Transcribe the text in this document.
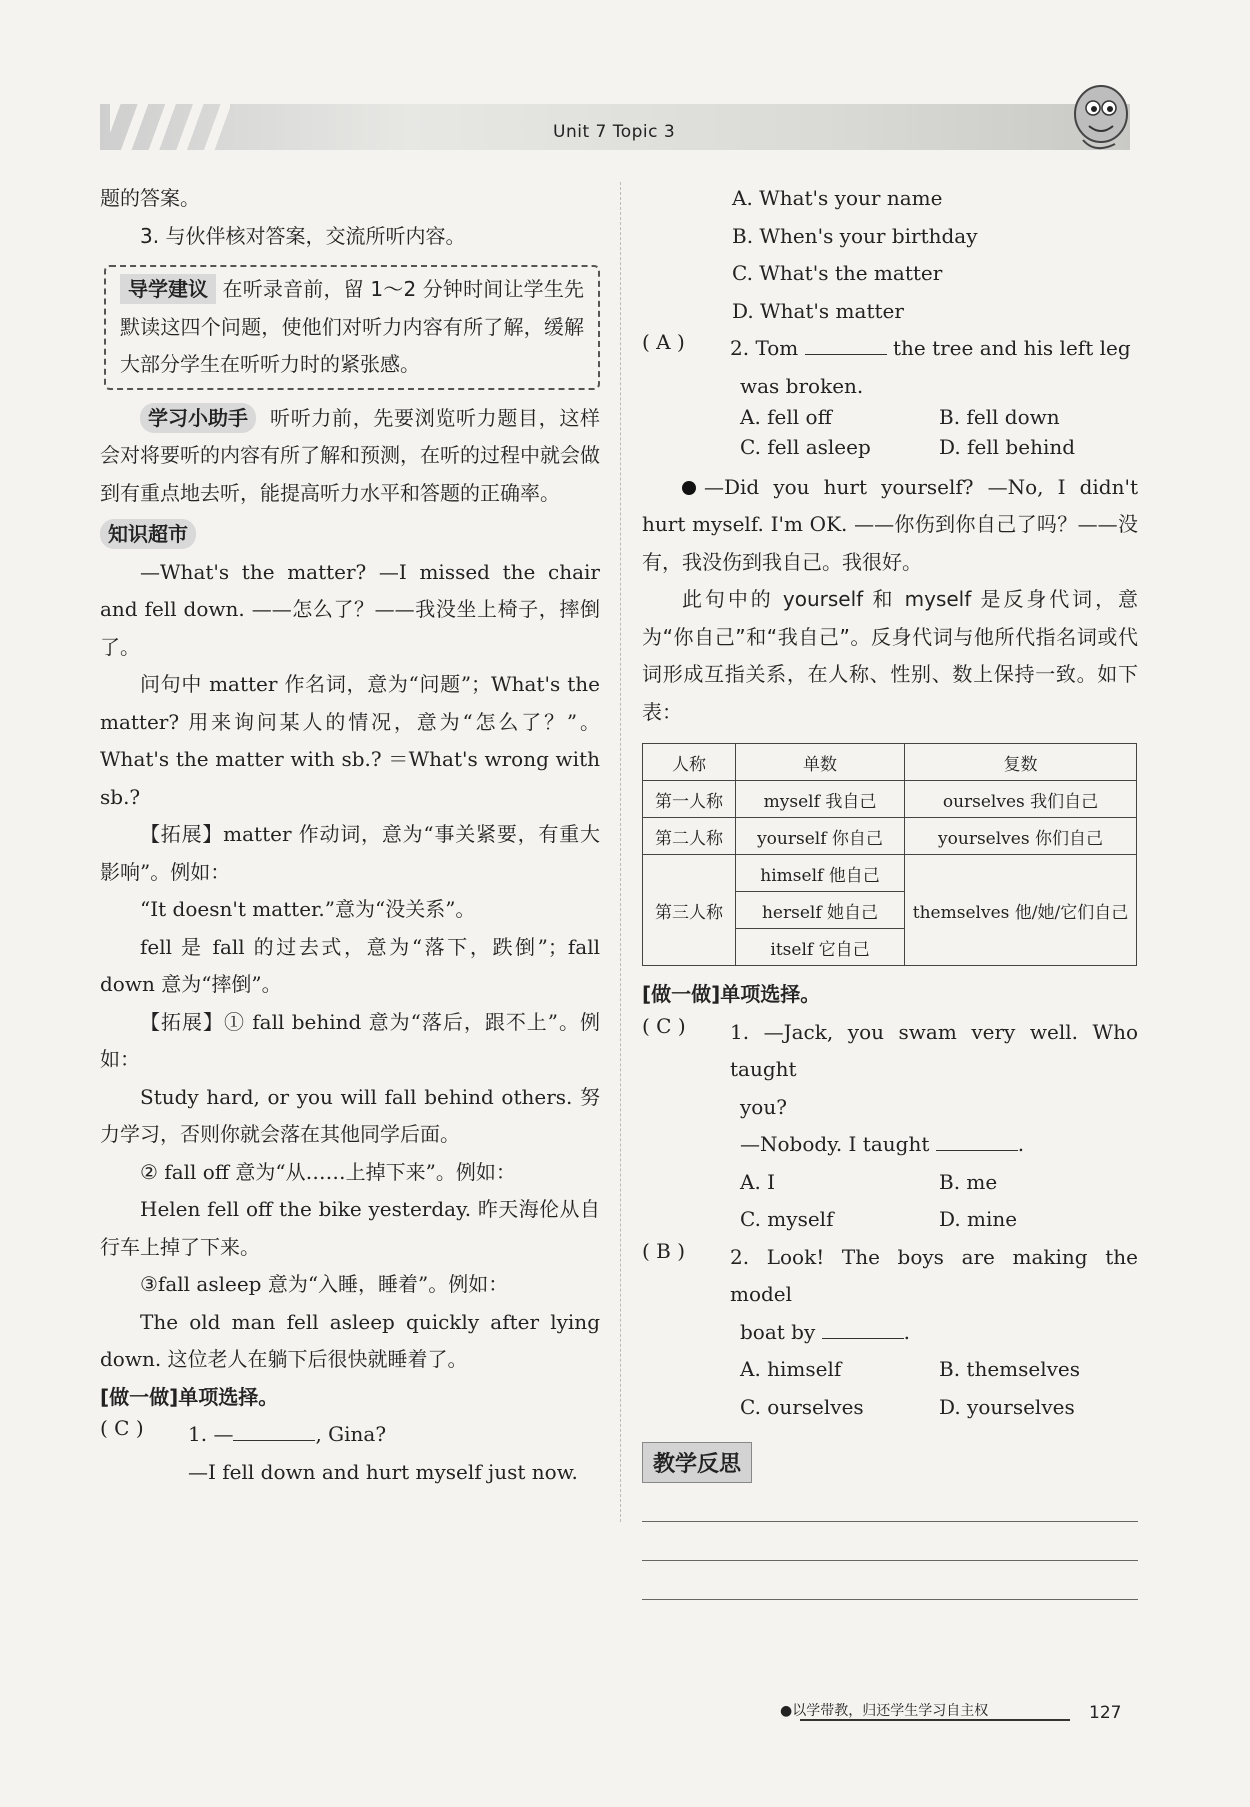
Unit 7 Topic 3

题的答案。

3. 与伙伴核对答案，交流所听内容。

导学建议 在听录音前，留 1～2 分钟时间让学生先默读这四个问题，使他们对听力内容有所了解，缓解大部分学生在听听力时的紧张感。

学习小助手 听听力前，先要浏览听力题目，这样会对将要听的内容有所了解和预测，在听的过程中就会做到有重点地去听，能提高听力水平和答题的正确率。

知识超市

—What's the matter? —I missed the chair and fell down. ——怎么了？——我没坐上椅子，摔倒了。

问句中 matter 作名词，意为“问题”；What's the matter? 用来询问某人的情况，意为“怎么了？”。What's the matter with sb.? ＝What's wrong with sb.?

【拓展】matter 作动词，意为“事关紧要，有重大影响”。例如：

“It doesn't matter.”意为“没关系”。

fell 是 fall 的过去式，意为“落下，跌倒”；fall down 意为“摔倒”。

【拓展】① fall behind 意为“落后，跟不上”。例如：

Study hard, or you will fall behind others. 努力学习，否则你就会落在其他同学后面。

② fall off 意为“从……上掉下来”。例如：

Helen fell off the bike yesterday. 昨天海伦从自行车上掉了下来。

③fall asleep 意为“入睡，睡着”。例如：

The old man fell asleep quickly after lying down. 这位老人在躺下后很快就睡着了。

[做一做]单项选择。

( C )	1. —	, Gina?

—I fell down and hurt myself just now.

A. What's your name

B. When's your birthday

C. What's the matter

D. What's matter

( A )	2. Tom	the tree and his left leg

was broken.

A. fell off	B. fell down
C. fell asleep	D. fell behind

—Did you hurt yourself? —No, I didn't hurt myself. I'm OK. ——你伤到你自己了吗？——没有，我没伤到我自己。我很好。

此句中的 yourself 和 myself 是反身代词，意为“你自己”和“我自己”。反身代词与他所代指名词或代词形成互指关系，在人称、性别、数上保持一致。如下表：

人称	单数	复数
第一人称	myself 我自己	ourselves 我们自己
第二人称	yourself 你自己	yourselves 你们自己
第三人称	himself 他自己	themselves 他/她/它们自己
	herself 她自己	
	itself 它自己	

[做一做]单项选择。

( C )	1. —Jack, you swam very well. Who taught

you?

—Nobody. I taught	.

A. I	B. me
C. myself	D. mine
( B )	2. Look! The boys are making the model

boat by	.

A. himself	B. themselves
C. ourselves	D. yourselves
教学反思
●以学带教，归还学生学习自主权	127
